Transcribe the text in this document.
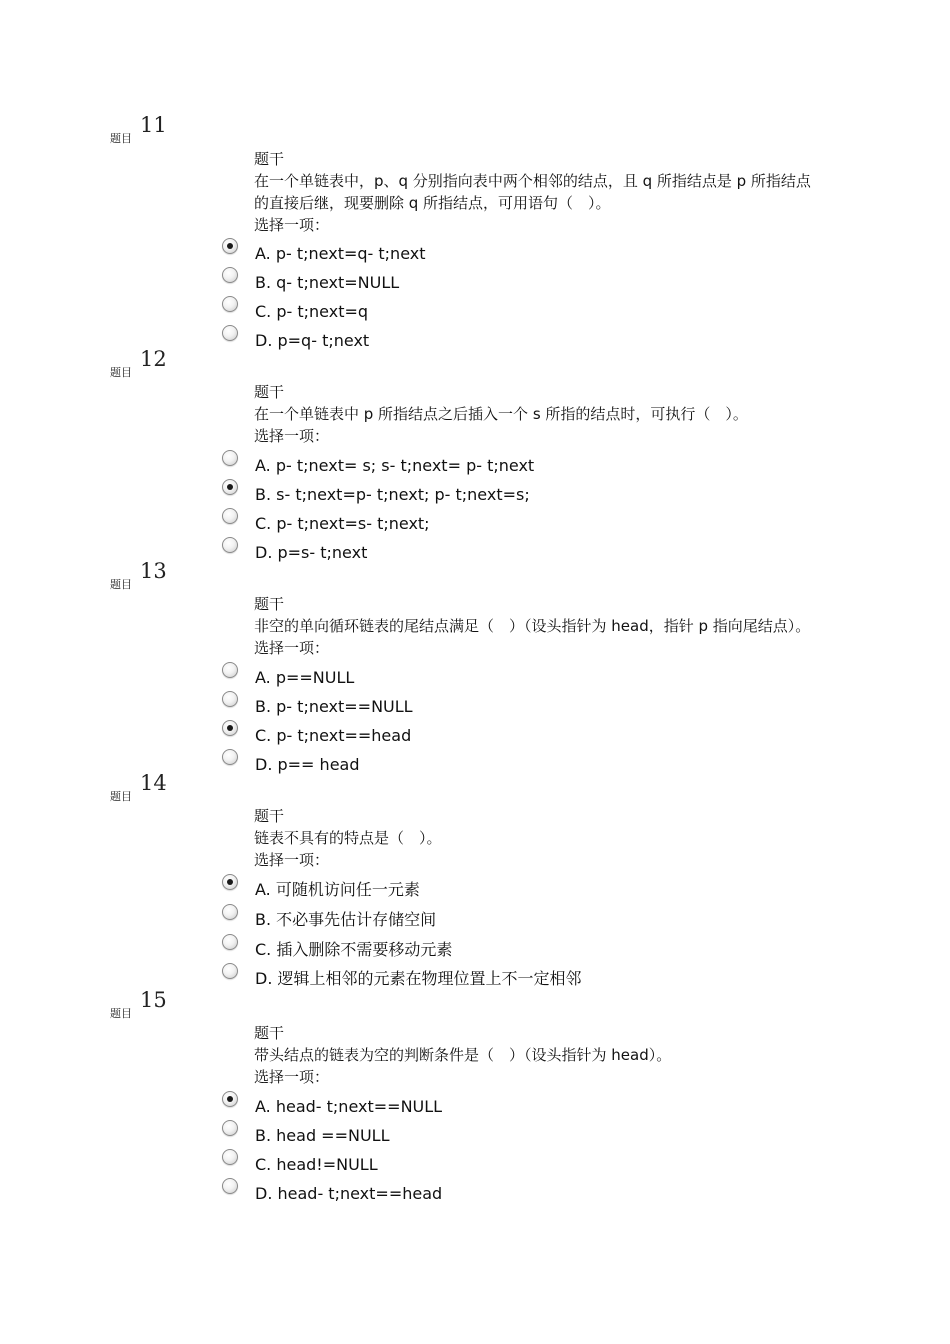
题目
11
题干
在一个单链表中，p、q 分别指向表中两个相邻的结点，且 q 所指结点是 p 所指结点
的直接后继，现要删除 q 所指结点，可用语句（　）。
选择一项：
A. p- t;next=q- t;next
B. q- t;next=NULL
C. p- t;next=q
D. p=q- t;next
题目
12
题干
在一个单链表中 p 所指结点之后插入一个 s 所指的结点时，可执行（　）。
选择一项：
A. p- t;next= s; s- t;next= p- t;next
B. s- t;next=p- t;next; p- t;next=s;
C. p- t;next=s- t;next;
D. p=s- t;next
题目
13
题干
非空的单向循环链表的尾结点满足（　）（设头指针为 head，指针 p 指向尾结点）。
选择一项：
A. p==NULL
B. p- t;next==NULL
C. p- t;next==head
D. p== head
题目
14
题干
链表不具有的特点是（　）。
选择一项：
A. 可随机访问任一元素
B. 不必事先估计存储空间
C. 插入删除不需要移动元素
D. 逻辑上相邻的元素在物理位置上不一定相邻
题目
15
题干
带头结点的链表为空的判断条件是（　）（设头指针为 head）。
选择一项：
A. head- t;next==NULL
B. head ==NULL
C. head!=NULL
D. head- t;next==head
